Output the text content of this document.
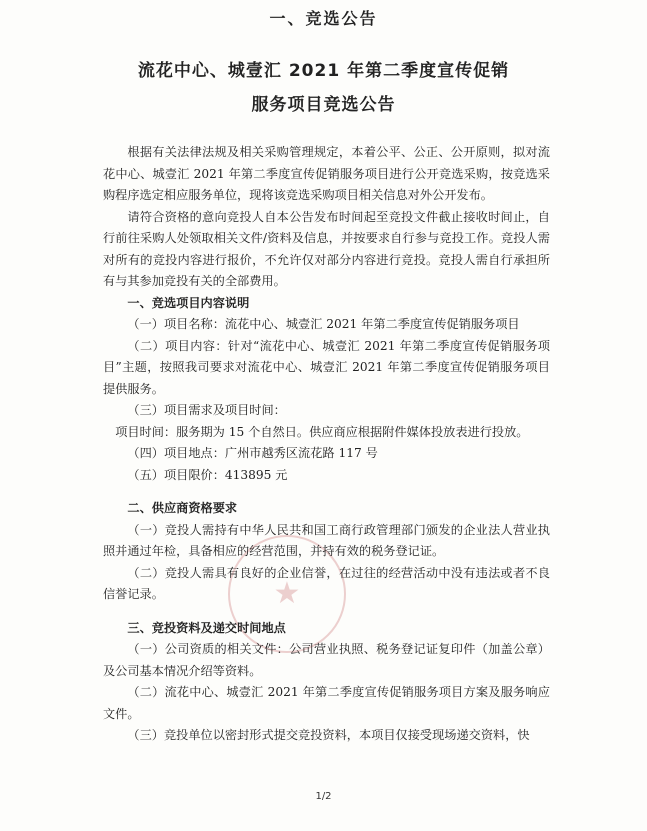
一、竞选公告
流花中心、城壹汇 2021 年第二季度宣传促销
服务项目竞选公告
★

根据有关法律法规及相关采购管理规定，本着公平、公正、公开原则，拟对流花中心、城壹汇 2021 年第二季度宣传促销服务项目进行公开竞选采购，按竞选采购程序选定相应服务单位，现将该竞选采购项目相关信息对外公开发布。

请符合资格的意向竞投人自本公告发布时间起至竞投文件截止接收时间止，自行前往采购人处领取相关文件/资料及信息，并按要求自行参与竞投工作。竞投人需对所有的竞投内容进行报价，不允许仅对部分内容进行竞投。竞投人需自行承担所有与其参加竞投有关的全部费用。

一、竞选项目内容说明

（一）项目名称：流花中心、城壹汇 2021 年第二季度宣传促销服务项目

（二）项目内容：针对“流花中心、城壹汇 2021 年第二季度宣传促销服务项目”主题，按照我司要求对流花中心、城壹汇 2021 年第二季度宣传促销服务项目提供服务。

（三）项目需求及项目时间：

项目时间：服务期为 15 个自然日。供应商应根据附件媒体投放表进行投放。

（四）项目地点：广州市越秀区流花路 117 号

（五）项目限价：413895 元

二、供应商资格要求

（一）竞投人需持有中华人民共和国工商行政管理部门颁发的企业法人营业执照并通过年检，具备相应的经营范围，并持有效的税务登记证。

（二）竞投人需具有良好的企业信誉，在过往的经营活动中没有违法或者不良信誉记录。

三、竞投资料及递交时间地点

（一）公司资质的相关文件：公司营业执照、税务登记证复印件（加盖公章）及公司基本情况介绍等资料。

（二）流花中心、城壹汇 2021 年第二季度宣传促销服务项目方案及服务响应文件。

（三）竞投单位以密封形式提交竞投资料，本项目仅接受现场递交资料，快

1/2
